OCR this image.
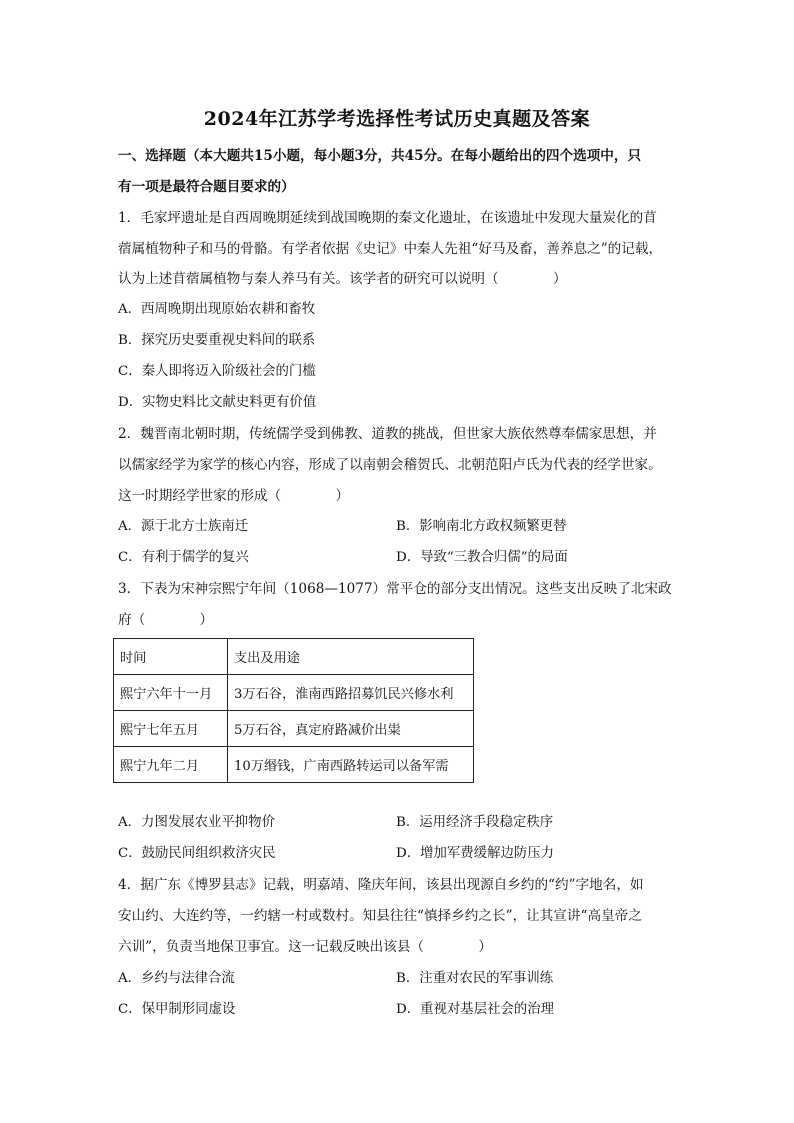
2024年江苏学考选择性考试历史真题及答案
一、选择题（本大题共15小题，每小题3分，共45分。在每小题给出的四个选项中，只
有一项是最符合题目要求的）
1．毛家坪遗址是自西周晚期延续到战国晚期的秦文化遗址，在该遗址中发现大量炭化的苜
蓿属植物种子和马的骨骼。有学者依据《史记》中秦人先祖“好马及畜，善养息之”的记载，
认为上述苜蓿属植物与秦人养马有关。该学者的研究可以说明（　　　　）
A．西周晚期出现原始农耕和畜牧
B．探究历史要重视史料间的联系
C．秦人即将迈入阶级社会的门槛
D．实物史料比文献史料更有价值
2．魏晋南北朝时期，传统儒学受到佛教、道教的挑战，但世家大族依然尊奉儒家思想，并
以儒家经学为家学的核心内容，形成了以南朝会稽贺氏、北朝范阳卢氏为代表的经学世家。
这一时期经学世家的形成（　　　　）
A．源于北方士族南迁	B．影响南北方政权频繁更替
C．有利于儒学的复兴	D．导致“三教合归儒”的局面
3．下表为宋神宗熙宁年间（1068—1077）常平仓的部分支出情况。这些支出反映了北宋政
府（　　　　）
时间	支出及用途
熙宁六年十一月	3万石谷，淮南西路招募饥民兴修水利
熙宁七年五月	5万石谷，真定府路减价出粜
熙宁九年二月	10万缗钱，广南西路转运司以备军需
A．力图发展农业平抑物价	B．运用经济手段稳定秩序
C．鼓励民间组织救济灾民	D．增加军费缓解边防压力
4．据广东《博罗县志》记载，明嘉靖、隆庆年间，该县出现源自乡约的“约”字地名，如
安山约、大连约等，一约辖一村或数村。知县往往“慎择乡约之长”，让其宣讲“高皇帝之
六训”，负责当地保卫事宜。这一记载反映出该县（　　　　）
A．乡约与法律合流	B．注重对农民的军事训练
C．保甲制形同虚设	D．重视对基层社会的治理
